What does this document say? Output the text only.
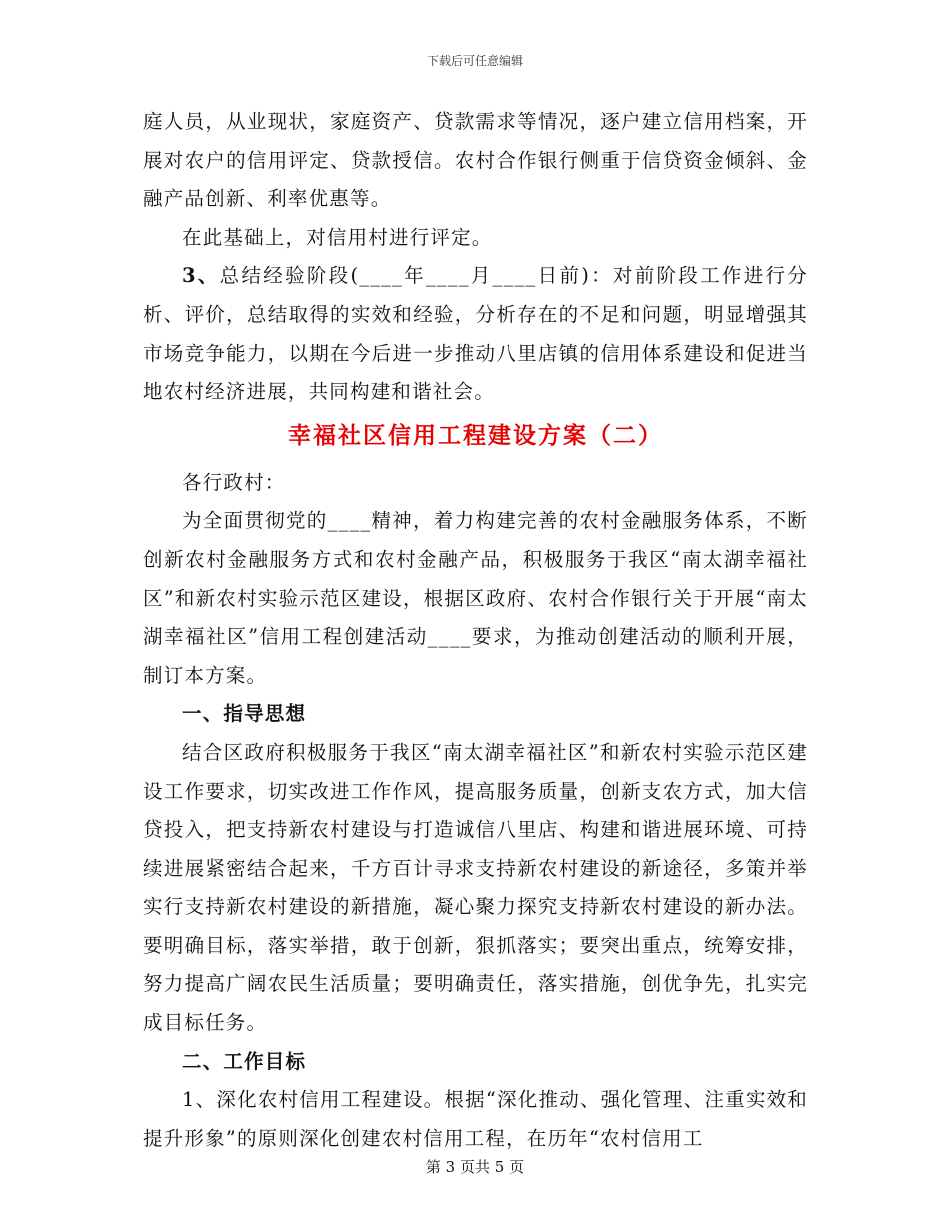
下载后可任意编辑

庭人员，从业现状，家庭资产、贷款需求等情况，逐户建立信用档案，开展对农户的信用评定、贷款授信。农村合作银行侧重于信贷资金倾斜、金融产品创新、利率优惠等。

在此基础上，对信用村进行评定。

3、总结经验阶段(____年____月____日前)：对前阶段工作进行分析、评价，总结取得的实效和经验，分析存在的不足和问题，明显增强其市场竞争能力，以期在今后进一步推动八里店镇的信用体系建设和促进当地农村经济进展，共同构建和谐社会。

幸福社区信用工程建设方案（二）

各行政村：

为全面贯彻党的____精神，着力构建完善的农村金融服务体系，不断创新农村金融服务方式和农村金融产品，积极服务于我区“南太湖幸福社区”和新农村实验示范区建设，根据区政府、农村合作银行关于开展“南太湖幸福社区”信用工程创建活动____要求，为推动创建活动的顺利开展，制订本方案。

一、指导思想

结合区政府积极服务于我区“南太湖幸福社区”和新农村实验示范区建设工作要求，切实改进工作作风，提高服务质量，创新支农方式，加大信贷投入，把支持新农村建设与打造诚信八里店、构建和谐进展环境、可持续进展紧密结合起来，千方百计寻求支持新农村建设的新途径，多策并举实行支持新农村建设的新措施，凝心聚力探究支持新农村建设的新办法。要明确目标，落实举措，敢于创新，狠抓落实；要突出重点，统筹安排，努力提高广阔农民生活质量；要明确责任，落实措施，创优争先，扎实完成目标任务。

二、工作目标

1、深化农村信用工程建设。根据“深化推动、强化管理、注重实效和提升形象”的原则深化创建农村信用工程，在历年“农村信用工

第 3 页共 5 页
